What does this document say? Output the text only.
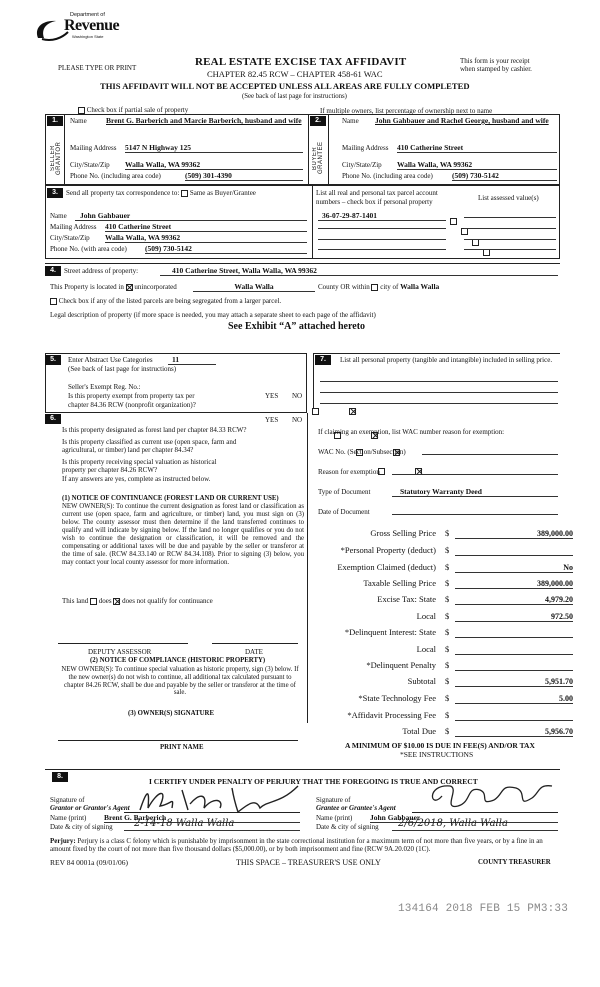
Department of
Revenue
Washington State
PLEASE TYPE OR PRINT	REAL ESTATE EXCISE TAX AFFIDAVIT
CHAPTER 82.45 RCW – CHAPTER 458-61 WAC
This form is your receipt
when stamped by cashier.
THIS AFFIDAVIT WILL NOT BE ACCEPTED UNLESS ALL AREAS ARE FULLY COMPLETED
(See back of last page for instructions)
Check box if partial sale of property	If multiple owners, list percentage of ownership next to name
1.
SELLER GRANTOR
Name	Brent G. Barberich and Marcie Barberich, husband and wife
Mailing Address 5147 N Highway 125
City/State/Zip Walla Walla, WA 99362
Phone No. (including area code)	(509) 301-4390
2.
BUYER GRANTEE
Name John Gahbauer and Rachel George, husband and wife
Mailing Address 410 Catherine Street
City/State/Zip Walla Walla, WA 99362
Phone No. (including area code)	(509) 730-5142
3.	Send all property tax correspondence to: Same as Buyer/Grantee
Name	John Gahbauer
Mailing Address 410 Catherine Street
City/State/Zip Walla Walla, WA 99362
Phone No. (with area code) (509) 730-5142
List all real and personal tax parcel account
numbers – check box if personal property	List assessed value(s)
36-07-29-87-1401

4.	Street address of property:	410 Catherine Street, Walla Walla, WA 99362
This Property is located in unincorporated	Walla Walla	County OR within city of Walla Walla
Check box if any of the listed parcels are being segregated from a larger parcel.
Legal description of property (if more space is needed, you may attach a separate sheet to each page of the affidavit)
See Exhibit “A” attached hereto
5.	Enter Abstract Use Categories	11
(See back of last page for instructions)
Seller's Exempt Reg. No.:
Is this property exempt from property tax per
chapter 84.36 RCW (nonprofit organization)?
YES NO

7.	List all personal property (tangible and intangible) included in selling price.
6.	YES NO
Is this property designated as forest land per chapter 84.33 RCW?

Is this property classified as current use (open space, farm and
agricultural, or timber) land per chapter 84.34?

Is this property receiving special valuation as historical
property per chapter 84.26 RCW?

If any answers are yes, complete as instructed below.
(1) NOTICE OF CONTINUANCE (FOREST LAND OR CURRENT USE)
NEW OWNER(S): To continue the current designation as forest land or classification as current use (open space, farm and agriculture, or timber) land, you must sign on (3) below. The county assessor must then determine if the land transferred continues to qualify and will indicate by signing below. If the land no longer qualifies or you do not wish to continue the designation or classification, it will be removed and the compensating or additional taxes will be due and payable by the seller or transferor at the time of sale. (RCW 84.33.140 or RCW 84.34.108). Prior to signing (3) below, you may contact your local county assessor for more information.
This land does does not qualify for continuance
DEPUTY ASSESSOR	DATE
(2) NOTICE OF COMPLIANCE (HISTORIC PROPERTY)
NEW OWNER(S): To continue special valuation as historic property, sign (3) below. If the new owner(s) do not wish to continue, all additional tax calculated pursuant to chapter 84.26 RCW, shall be due and payable by the seller or transferor at the time of sale.
(3) OWNER(S) SIGNATURE
PRINT NAME
If claiming an exemption, list WAC number reason for exemption:
WAC No. (Section/Subsection)
Reason for exemption
Type of Document	Statutory Warranty Deed
Date of Document
Gross Selling Price $	389,000.00
*Personal Property (deduct) $
Exemption Claimed (deduct) $	No
Taxable Selling Price $	389,000.00
Excise Tax: State $	4,979.20
Local $	972.50
*Delinquent Interest: State $
Local $
*Delinquent Penalty $
Subtotal $	5,951.70
*State Technology Fee $	5.00
*Affidavit Processing Fee $
Total Due $	5,956.70
A MINIMUM OF $10.00 IS DUE IN FEE(S) AND/OR TAX
*SEE INSTRUCTIONS
8.
I CERTIFY UNDER PENALTY OF PERJURY THAT THE FOREGOING IS TRUE AND CORRECT
Signature of
Grantor or Grantor's Agent
Name (print) Brent G. Barberich
Date & city of signing 2-14-18 Walla Walla
Signature of
Grantee or Grantee's Agent
Name (print) John Gahbauer
Date & city of signing 2/6/2018, Walla Walla
Perjury: Perjury is a class C felony which is punishable by imprisonment in the state correctional institution for a maximum term of not more than five years, or by a fine in an amount fixed by the court of not more than five thousand dollars ($5,000.00), or by both imprisonment and fine (RCW 9A.20.020 (1C).
REV 84 0001a (09/01/06)	THIS SPACE – TREASURER'S USE ONLY	COUNTY TREASURER
134164 2018 FEB 15 PM3:33
